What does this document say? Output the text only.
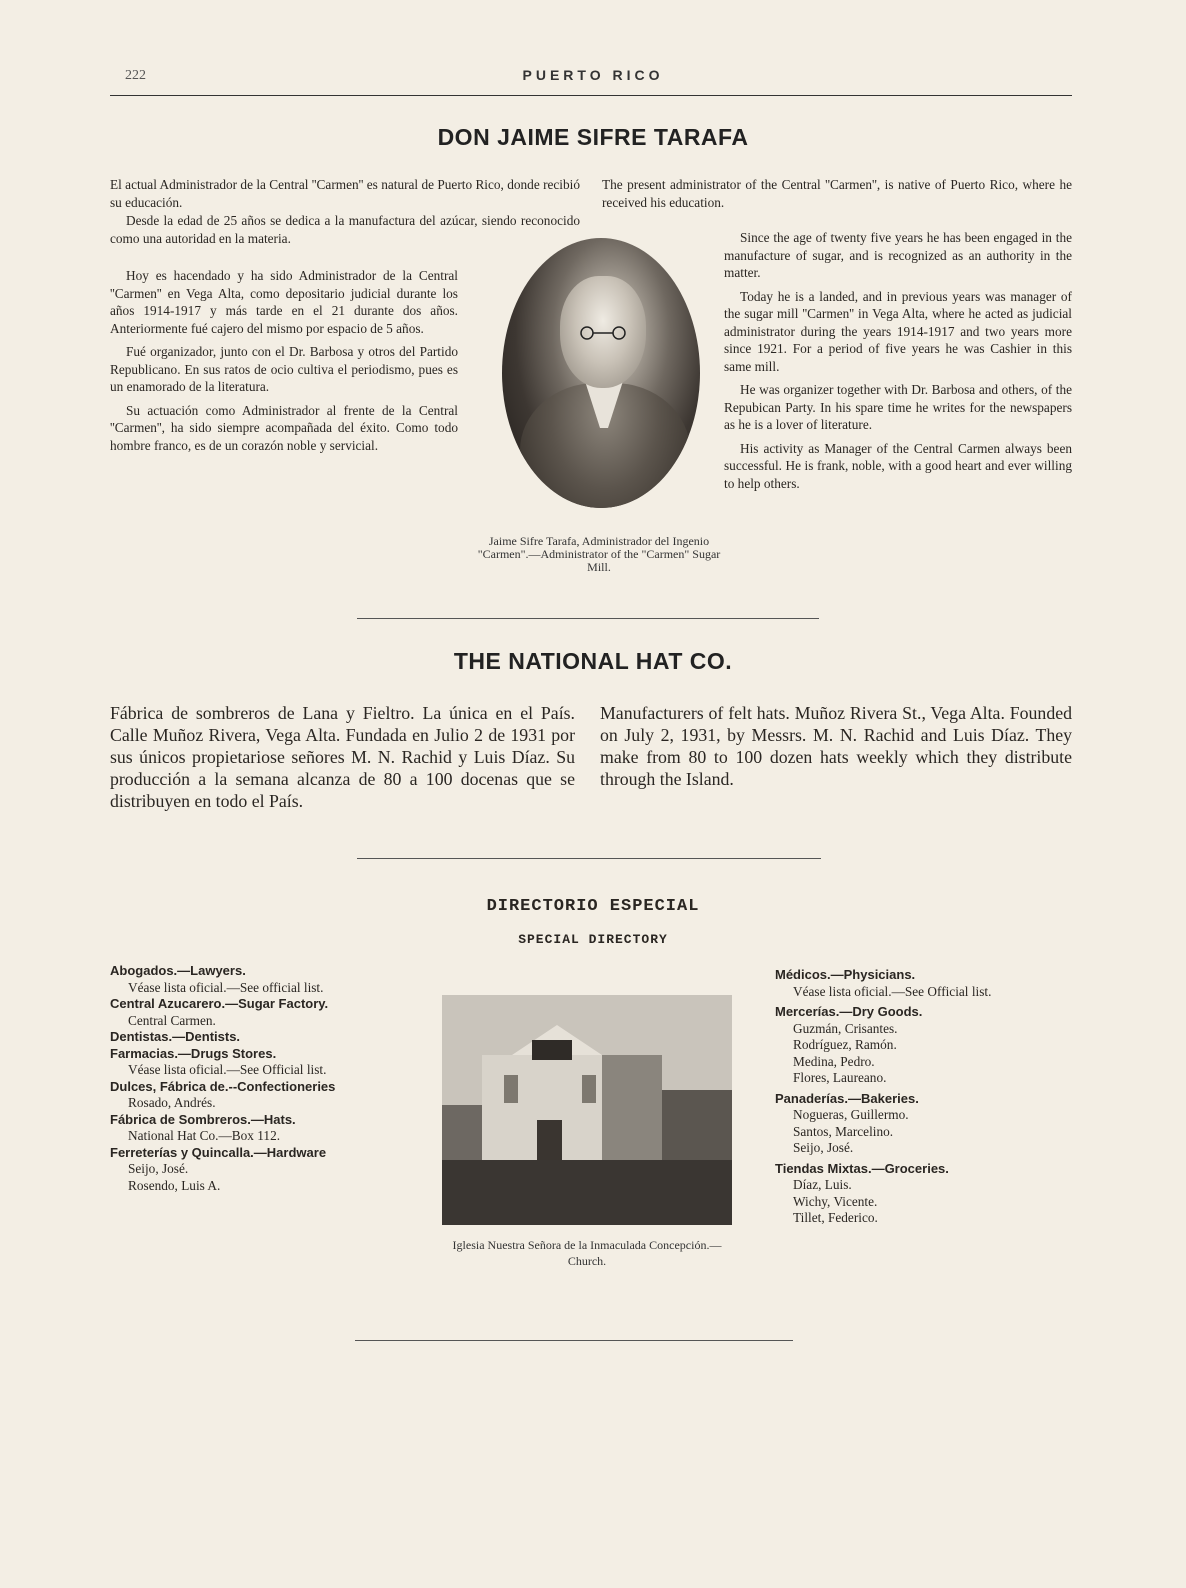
222	PUERTO RICO
DON JAIME SIFRE TARAFA

El actual Administrador de la Central ''Carmen'' es natural de Puerto Rico, donde recibió su educación.

Desde la edad de 25 años se dedica a la manufactura del azúcar, siendo reconocido como una autoridad en la materia.

Hoy es hacendado y ha sido Administrador de la Central ''Carmen'' en Vega Alta, como depositario judicial durante los años 1914-1917 y más tarde en el 21 durante dos años. Anteriormente fué cajero del mismo por espacio de 5 años.

Fué organizador, junto con el Dr. Barbosa y otros del Partido Republicano. En sus ratos de ocio cultiva el periodismo, pues es un enamorado de la literatura.

Su actuación como Administrador al frente de la Central ''Carmen'', ha sido siempre acompañada del éxito. Como todo hombre franco, es de un corazón noble y servicial.

Jaime Sifre Tarafa, Administrador del Ingenio "Carmen".—Administrator of the "Carmen" Sugar Mill.

The present administrator of the Central ''Carmen'', is native of Puerto Rico, where he received his education.

Since the age of twenty five years he has been engaged in the manufacture of sugar, and is recognized as an authority in the matter.

Today he is a landed, and in previous years was manager of the sugar mill ''Carmen'' in Vega Alta, where he acted as judicial administrator during the years 1914-1917 and two years more since 1921. For a period of five years he was Cashier in this same mill.

He was organizer together with Dr. Barbosa and others, of the Repubican Party. In his spare time he writes for the newspapers as he is a lover of literature.

His activity as Manager of the Central Carmen always been successful. He is frank, noble, with a good heart and ever willing to help others.

THE NATIONAL HAT CO.
Fábrica de sombreros de Lana y Fieltro. La única en el País. Calle Muñoz Rivera, Vega Alta. Fundada en Julio 2 de 1931 por sus únicos propietariose señores M. N. Rachid y Luis Díaz. Su producción a la semana alcanza de 80 a 100 docenas que se distribuyen en todo el País.
Manufacturers of felt hats. Muñoz Rivera St., Vega Alta. Founded on July 2, 1931, by Messrs. M. N. Rachid and Luis Díaz. They make from 80 to 100 dozen hats weekly which they distribute through the Island.
DIRECTORIO ESPECIAL
SPECIAL DIRECTORY
Abogados.—Lawyers.
Véase lista oficial.—See official list.
Central Azucarero.—Sugar Factory.
Central Carmen.
Dentistas.—Dentists.
Farmacias.—Drugs Stores.
Véase lista oficial.—See Official list.
Dulces, Fábrica de.--Confectioneries
Rosado, Andrés.
Fábrica de Sombreros.—Hats.
National Hat Co.—Box 112.
Ferreterías y Quincalla.—Hardware
Seijo, José.
Rosendo, Luis A.
Iglesia Nuestra Señora de la Inmaculada Concepción.—Church.
Médicos.—Physicians.
Véase lista oficial.—See Official list.
Mercerías.—Dry Goods.
Guzmán, Crisantes.
Rodríguez, Ramón.
Medina, Pedro.
Flores, Laureano.
Panaderías.—Bakeries.
Nogueras, Guillermo.
Santos, Marcelino.
Seijo, José.
Tiendas Mixtas.—Groceries.
Díaz, Luis.
Wichy, Vicente.
Tillet, Federico.
